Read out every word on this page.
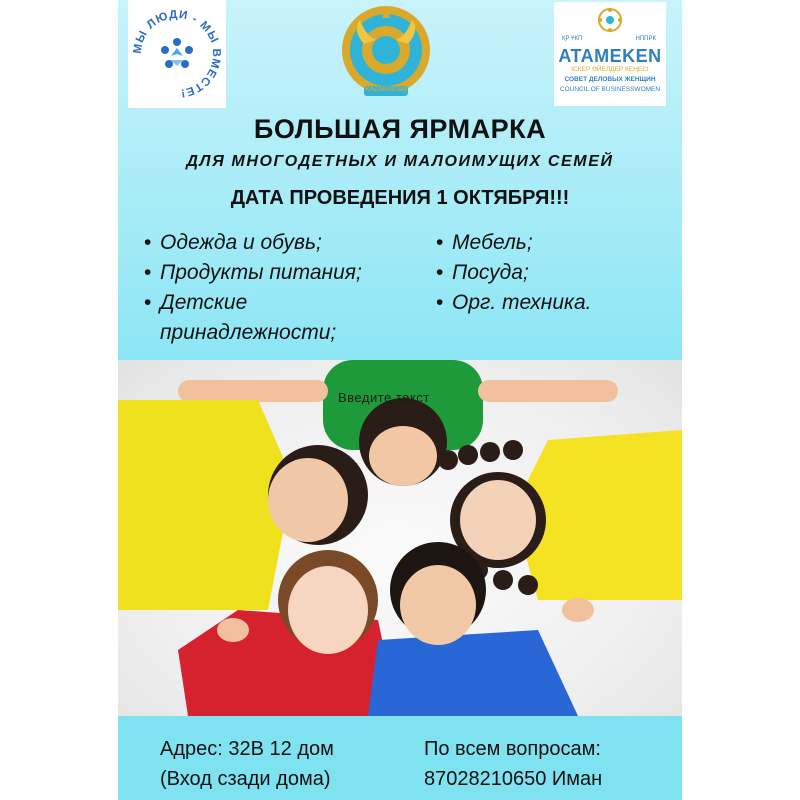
МЫ ЛЮДИ - МЫ ВМЕСТЕ!	KAZAKHSTAN
ҚР ҰКП	НППРК
ATAMEKEN
ІСКЕР ӘЙЕЛДЕР КЕҢЕСІ
СОВЕТ ДЕЛОВЫХ ЖЕНЩИН
COUNCIL OF BUSINESSWOMEN
БОЛЬШАЯ ЯРМАРКА
ДЛЯ МНОГОДЕТНЫХ И МАЛОИМУЩИХ СЕМЕЙ
ДАТА ПРОВЕДЕНИЯ 1 ОКТЯБРЯ!!!
• Одежда и обувь;
• Продукты питания;
• Детские принадлежности;
• Мебель;
• Посуда;
• Орг. техника.
Введите текст
Адрес: 32В 12 дом
(Вход сзади дома)
По всем вопросам:
87028210650 Иман
